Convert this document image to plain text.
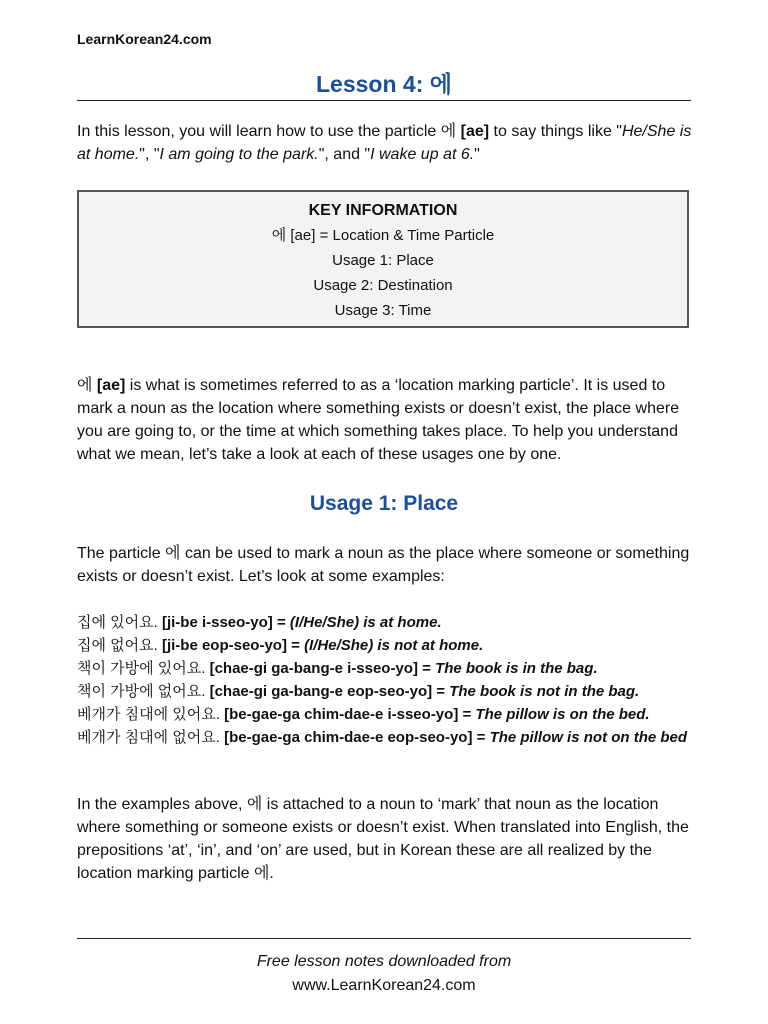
LearnKorean24.com
Lesson 4: 에
In this lesson, you will learn how to use the particle 에 [ae] to say things like "He/She is at home.", "I am going to the park.", and "I wake up at 6."
KEY INFORMATION
에 [ae] = Location & Time Particle
Usage 1: Place
Usage 2: Destination
Usage 3: Time
에 [ae] is what is sometimes referred to as a ‘location marking particle’. It is used to mark a noun as the location where something exists or doesn’t exist, the place where you are going to, or the time at which something takes place. To help you understand what we mean, let’s take a look at each of these usages one by one.
Usage 1: Place
The particle 에 can be used to mark a noun as the place where someone or something exists or doesn’t exist. Let’s look at some examples:
집에 있어요. [ji-be i-sseo-yo] = (I/He/She) is at home.
집에 없어요. [ji-be eop-seo-yo] = (I/He/She) is not at home.
책이 가방에 있어요. [chae-gi ga-bang-e i-sseo-yo] = The book is in the bag.
책이 가방에 없어요. [chae-gi ga-bang-e eop-seo-yo] = The book is not in the bag.
베개가 침대에 있어요. [be-gae-ga chim-dae-e i-sseo-yo] = The pillow is on the bed.
베개가 침대에 없어요. [be-gae-ga chim-dae-e eop-seo-yo] = The pillow is not on the bed
In the examples above, 에 is attached to a noun to ‘mark’ that noun as the location where something or someone exists or doesn’t exist. When translated into English, the prepositions ‘at’, ‘in’, and ‘on’ are used, but in Korean these are all realized by the location marking particle 에.
Free lesson notes downloaded from
www.LearnKorean24.com
